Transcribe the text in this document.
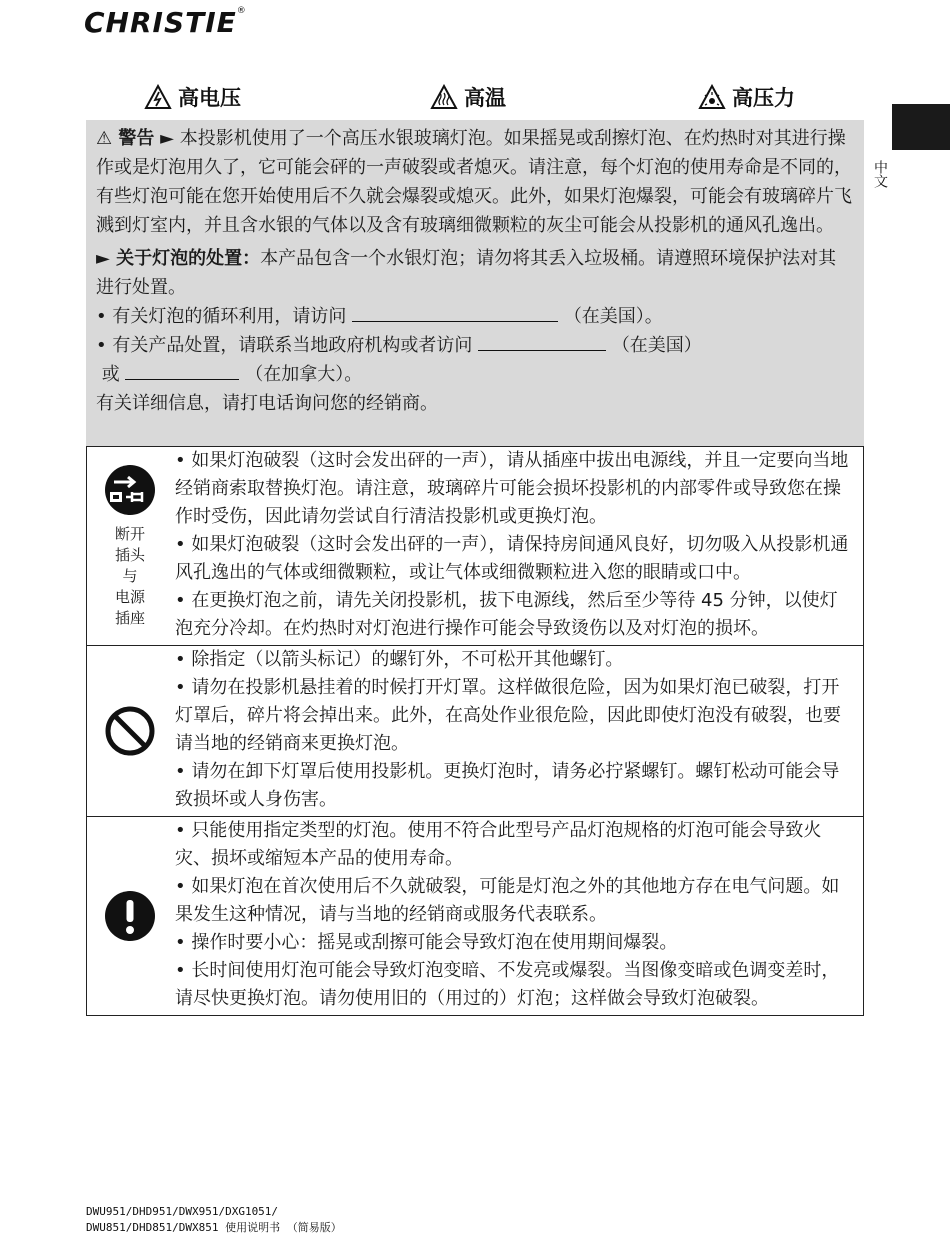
CHRISTIE®
高电压	高温	高压力
中文

⚠ 警告 ► 本投影机使用了一个高压水银玻璃灯泡。如果摇晃或刮擦灯泡、在灼热时对其进行操作或是灯泡用久了，它可能会砰的一声破裂或者熄灭。请注意，每个灯泡的使用寿命是不同的，有些灯泡可能在您开始使用后不久就会爆裂或熄灭。此外，如果灯泡爆裂，可能会有玻璃碎片飞溅到灯室内，并且含水银的气体以及含有玻璃细微颗粒的灰尘可能会从投影机的通风孔逸出。

► 关于灯泡的处置：本产品包含一个水银灯泡；请勿将其丢入垃圾桶。请遵照环境保护法对其进行处置。

• 有关灯泡的循环利用，请访问	（在美国）。

• 有关产品处置，请联系当地政府机构或者访问	（在美国）

或	（在加拿大）。

有关详细信息，请打电话询问您的经销商。

断开
插头
与
电源
插座

• 如果灯泡破裂（这时会发出砰的一声），请从插座中拔出电源线，并且一定要向当地经销商索取替换灯泡。请注意，玻璃碎片可能会损坏投影机的内部零件或导致您在操作时受伤，因此请勿尝试自行清洁投影机或更换灯泡。

• 如果灯泡破裂（这时会发出砰的一声），请保持房间通风良好，切勿吸入从投影机通风孔逸出的气体或细微颗粒，或让气体或细微颗粒进入您的眼睛或口中。

• 在更换灯泡之前，请先关闭投影机，拔下电源线，然后至少等待 45 分钟，以使灯泡充分冷却。在灼热时对灯泡进行操作可能会导致烫伤以及对灯泡的损坏。

• 除指定（以箭头标记）的螺钉外，不可松开其他螺钉。

• 请勿在投影机悬挂着的时候打开灯罩。这样做很危险，因为如果灯泡已破裂，打开灯罩后，碎片将会掉出来。此外，在高处作业很危险，因此即使灯泡没有破裂，也要请当地的经销商来更换灯泡。

• 请勿在卸下灯罩后使用投影机。更换灯泡时，请务必拧紧螺钉。螺钉松动可能会导致损坏或人身伤害。

• 只能使用指定类型的灯泡。使用不符合此型号产品灯泡规格的灯泡可能会导致火灾、损坏或缩短本产品的使用寿命。

• 如果灯泡在首次使用后不久就破裂，可能是灯泡之外的其他地方存在电气问题。如果发生这种情况，请与当地的经销商或服务代表联系。

• 操作时要小心：摇晃或刮擦可能会导致灯泡在使用期间爆裂。

• 长时间使用灯泡可能会导致灯泡变暗、不发亮或爆裂。当图像变暗或色调变差时，请尽快更换灯泡。请勿使用旧的（用过的）灯泡；这样做会导致灯泡破裂。

DWU951/DHD951/DWX951/DXG1051/

DWU851/DHD851/DWX851 使用说明书 （简易版）
